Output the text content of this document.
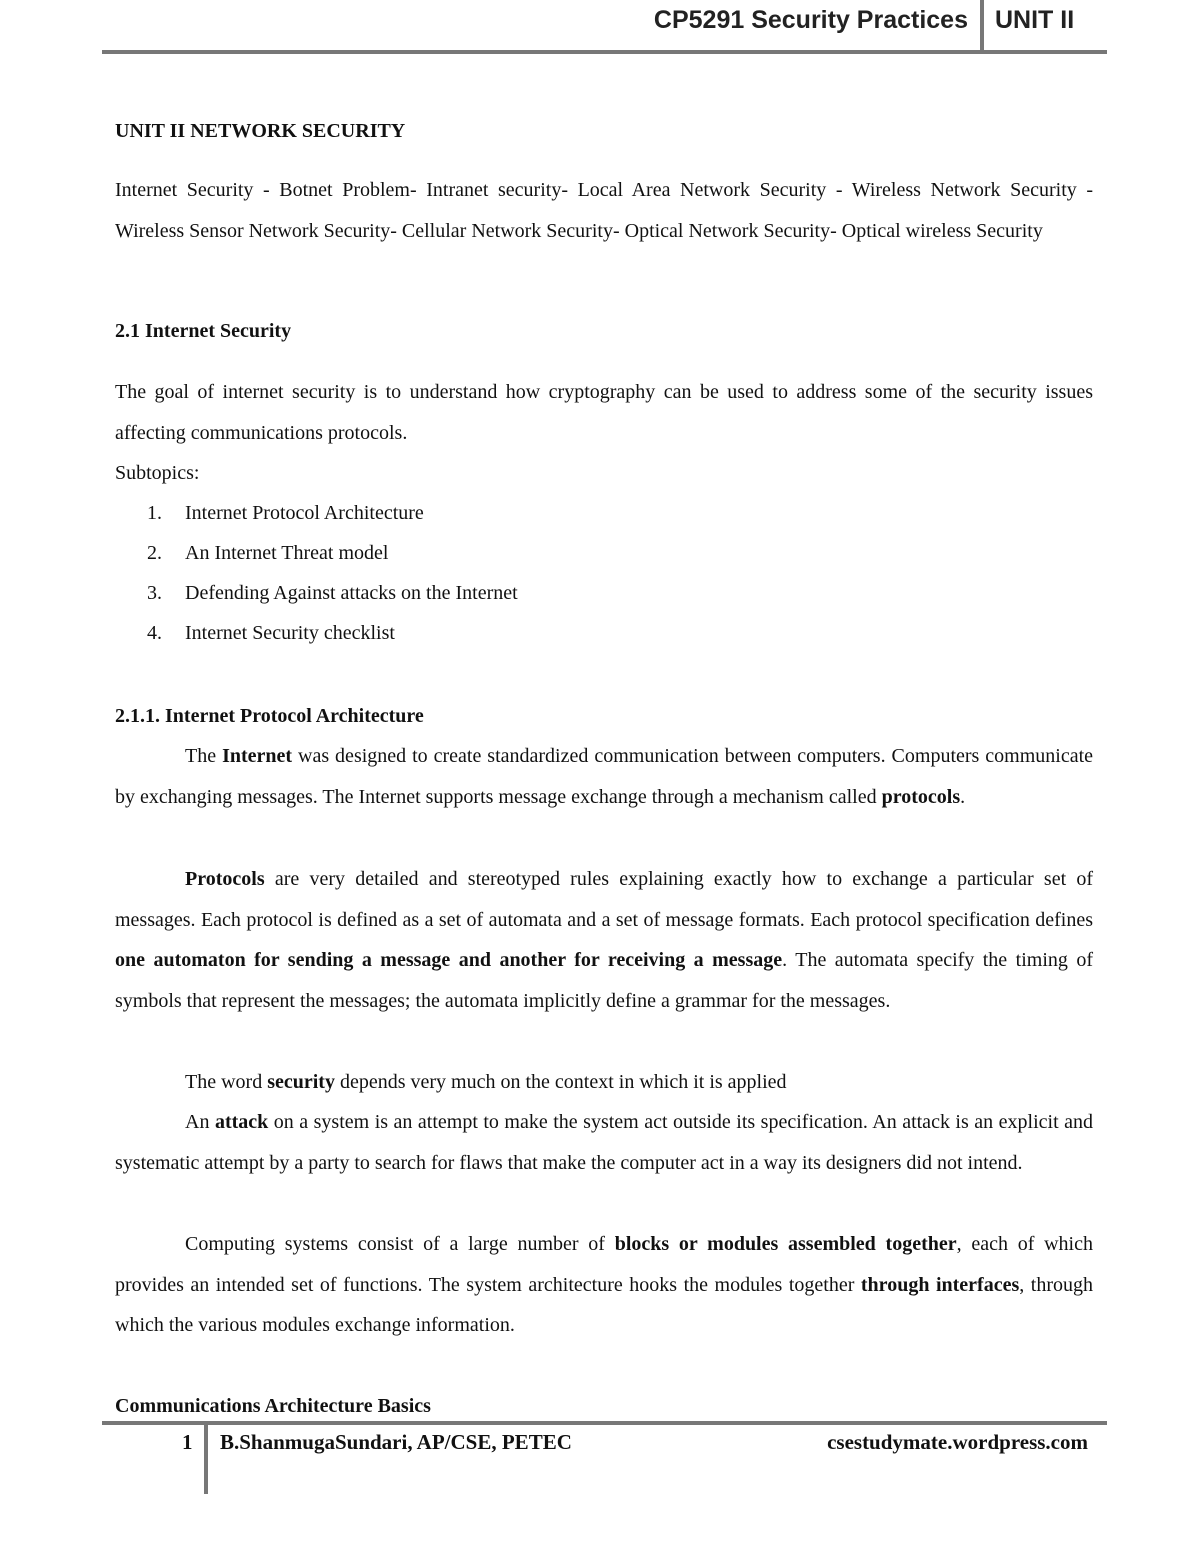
CP5291 Security Practices UNIT II
UNIT II NETWORK SECURITY
Internet Security - Botnet Problem- Intranet security- Local Area Network Security - Wireless Network Security - Wireless Sensor Network Security- Cellular Network Security- Optical Network Security- Optical wireless Security
2.1 Internet Security
The goal of internet security is to understand how cryptography can be used to address some of the security issues affecting communications protocols.
Subtopics:
1. Internet Protocol Architecture
2. An Internet Threat model
3. Defending Against attacks on the Internet
4. Internet Security checklist
2.1.1. Internet Protocol Architecture
The Internet was designed to create standardized communication between computers. Computers communicate by exchanging messages. The Internet supports message exchange through a mechanism called protocols.
Protocols are very detailed and stereotyped rules explaining exactly how to exchange a particular set of messages. Each protocol is defined as a set of automata and a set of message formats. Each protocol specification defines one automaton for sending a message and another for receiving a message. The automata specify the timing of symbols that represent the messages; the automata implicitly define a grammar for the messages.
The word security depends very much on the context in which it is applied
An attack on a system is an attempt to make the system act outside its specification. An attack is an explicit and systematic attempt by a party to search for flaws that make the computer act in a way its designers did not intend.
Computing systems consist of a large number of blocks or modules assembled together, each of which provides an intended set of functions. The system architecture hooks the modules together through interfaces, through which the various modules exchange information.
Communications Architecture Basics
1 B.ShanmugaSundari, AP/CSE, PETEC	csestudymate.wordpress.com
